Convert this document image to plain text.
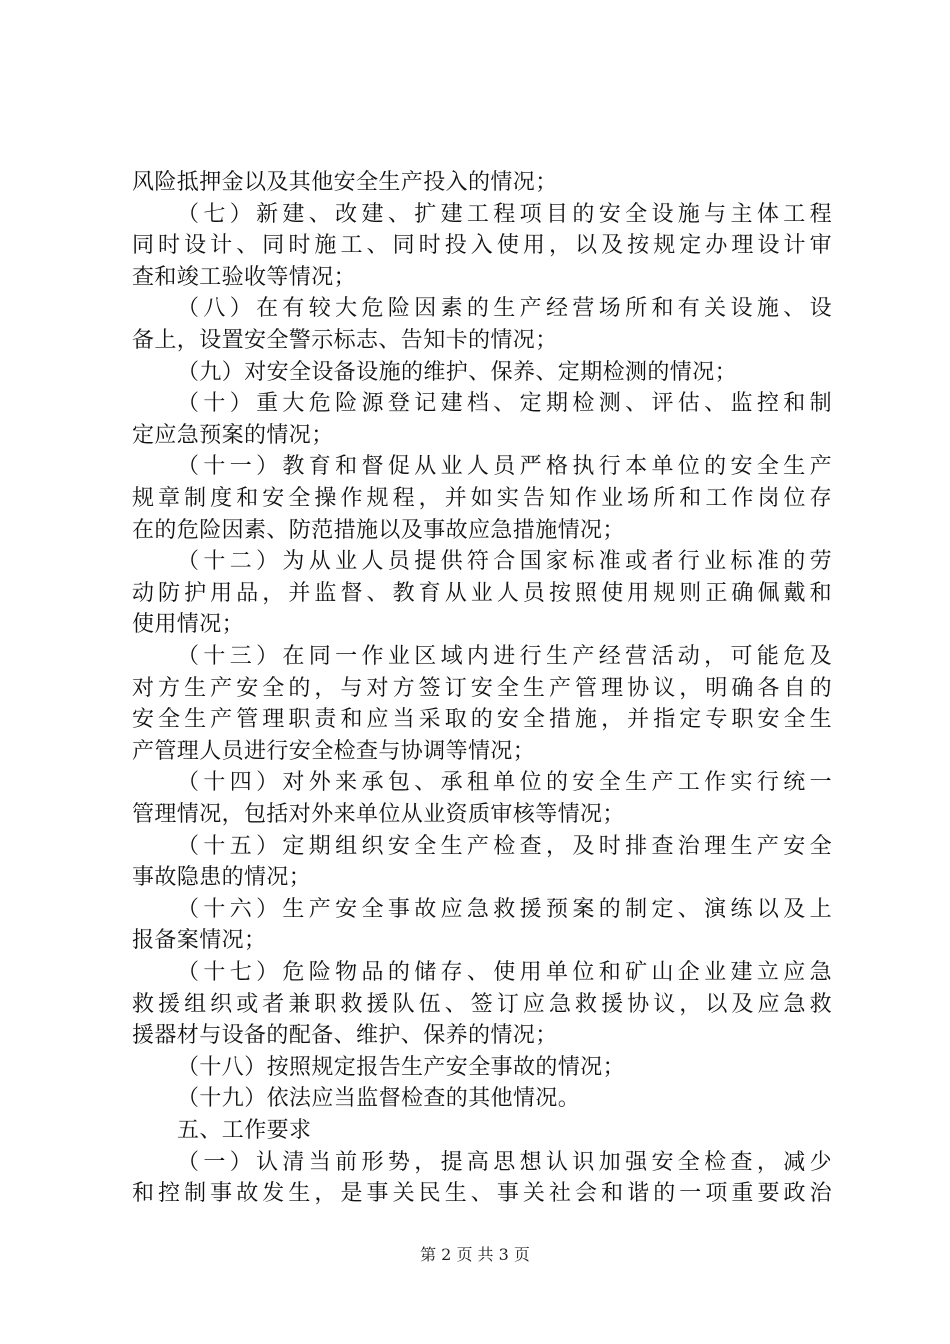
风险抵押金以及其他安全生产投入的情况；
（七）新建、改建、扩建工程项目的安全设施与主体工程
同时设计、同时施工、同时投入使用，以及按规定办理设计审
查和竣工验收等情况；
（八）在有较大危险因素的生产经营场所和有关设施、设
备上，设置安全警示标志、告知卡的情况；
（九）对安全设备设施的维护、保养、定期检测的情况；
（十）重大危险源登记建档、定期检测、评估、监控和制
定应急预案的情况；
（十一）教育和督促从业人员严格执行本单位的安全生产
规章制度和安全操作规程，并如实告知作业场所和工作岗位存
在的危险因素、防范措施以及事故应急措施情况；
（十二）为从业人员提供符合国家标准或者行业标准的劳
动防护用品，并监督、教育从业人员按照使用规则正确佩戴和
使用情况；
（十三）在同一作业区域内进行生产经营活动，可能危及
对方生产安全的，与对方签订安全生产管理协议，明确各自的
安全生产管理职责和应当采取的安全措施，并指定专职安全生
产管理人员进行安全检查与协调等情况；
（十四）对外来承包、承租单位的安全生产工作实行统一
管理情况，包括对外来单位从业资质审核等情况；
（十五）定期组织安全生产检查，及时排查治理生产安全
事故隐患的情况；
（十六）生产安全事故应急救援预案的制定、演练以及上
报备案情况；
（十七）危险物品的储存、使用单位和矿山企业建立应急
救援组织或者兼职救援队伍、签订应急救援协议，以及应急救
援器材与设备的配备、维护、保养的情况；
（十八）按照规定报告生产安全事故的情况；
（十九）依法应当监督检查的其他情况。
五、工作要求
（一）认清当前形势，提高思想认识加强安全检查，减少
和控制事故发生，是事关民生、事关社会和谐的一项重要政治
第 2 页 共 3 页
